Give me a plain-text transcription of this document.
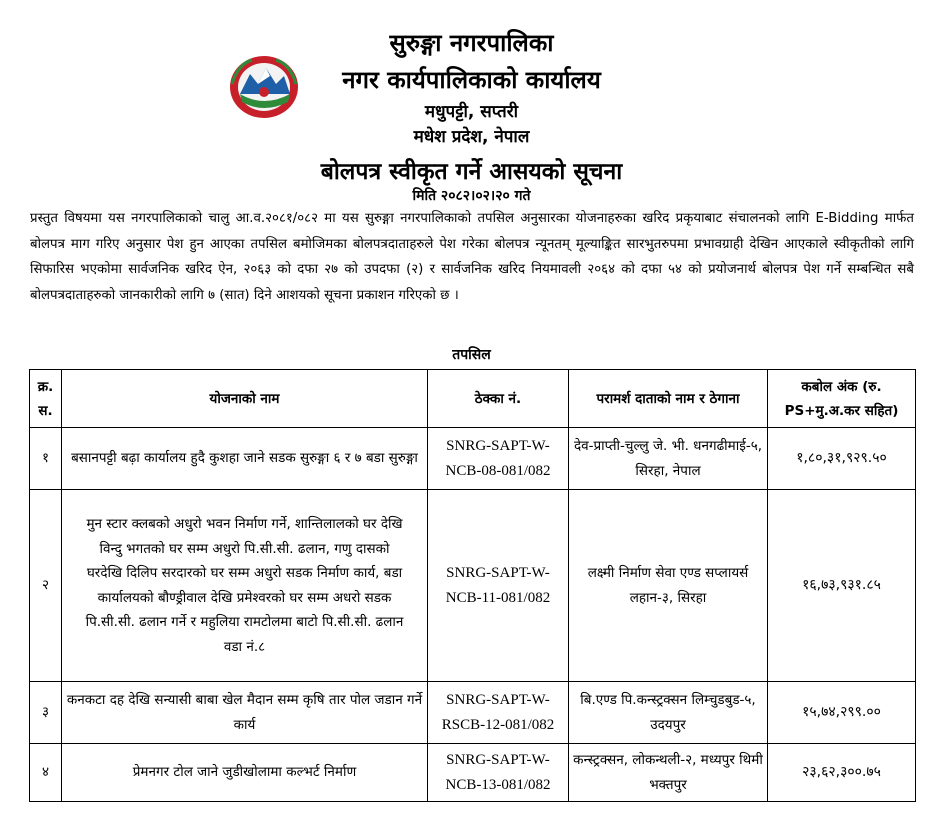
सुरुङ्गा नगरपालिका
नगर कार्यपालिकाको कार्यालय
मधुपट्टी, सप्तरी
मधेश प्रदेश, नेपाल
बोलपत्र स्वीकृत गर्ने आसयको सूचना
मिति २०८२।०२।२० गते
प्रस्तुत विषयमा यस नगरपालिकाको चालु आ.व.२०८१/०८२ मा यस सुरुङ्गा नगरपालिकाको तपसिल अनुसारका योजनाहरुका खरिद प्रकृयाबाट संचालनको लागि E-Bidding मार्फत बोलपत्र माग गरिए अनुसार पेश हुन आएका तपसिल बमोजिमका बोलपत्रदाताहरुले पेश गरेका बोलपत्र न्यूनतम् मूल्याङ्कित सारभुतरुपमा प्रभावग्राही देखिन आएकाले स्वीकृतीको लागि सिफारिस भएकोमा सार्वजनिक खरिद ऐन, २०६३ को दफा २७ को उपदफा (२) र सार्वजनिक खरिद नियमावली २०६४ को दफा ५४ को प्रयोजनार्थ बोलपत्र पेश गर्ने सम्बन्धित सबै बोलपत्रदाताहरुको जानकारीको लागि ७ (सात) दिने आशयको सूचना प्रकाशन गरिएको छ ।
तपसिल
क्र. स.	योजनाको नाम	ठेक्का नं.	परामर्श दाताको नाम र ठेगाना	कबोल अंक (रु. PS+मु.अ.कर सहित)
१	बसानपट्टी बढ़ा कार्यालय हुदै कुशहा जाने सडक सुरुङ्गा ६ र ७ बडा सुरुङ्गा	SNRG-SAPT-W-NCB-08-081/082	देव-प्राप्ती-चुल्लु जे. भी. धनगढीमाई-५, सिरहा, नेपाल	१,८०,३१,९२९.५०
२	मुन स्टार क्लबको अधुरो भवन निर्माण गर्ने, शान्तिलालको घर देखि विन्दु भगतको घर सम्म अधुरो पि.सी.सी. ढलान, गणु दासको घरदेखि दिलिप सरदारको घर सम्म अधुरो सडक निर्माण कार्य, बडा कार्यालयको बौण्ड्रीवाल देखि प्रमेश्वरको घर सम्म अधरो सडक पि.सी.सी. ढलान गर्ने र महुलिया रामटोलमा बाटो पि.सी.सी. ढलान वडा नं.८	SNRG-SAPT-W-NCB-11-081/082	लक्ष्मी निर्माण सेवा एण्ड सप्लायर्स लहान-३, सिरहा	१६,७३,९३१.८५
३	कनकटा दह देखि सन्यासी बाबा खेल मैदान सम्म कृषि तार पोल जडान गर्ने कार्य	SNRG-SAPT-W-RSCB-12-081/082	बि.एण्ड पि.कन्स्ट्रक्सन लिम्चुडबुड-५, उदयपुर	१५,७४,२९९.००
४	प्रेमनगर टोल जाने जुडीखोलामा कल्भर्ट निर्माण	SNRG-SAPT-W-NCB-13-081/082	कन्स्ट्रक्सन, लोकन्थली-२, मध्यपुर थिमी भक्तपुर	२३,६२,३००.७५
